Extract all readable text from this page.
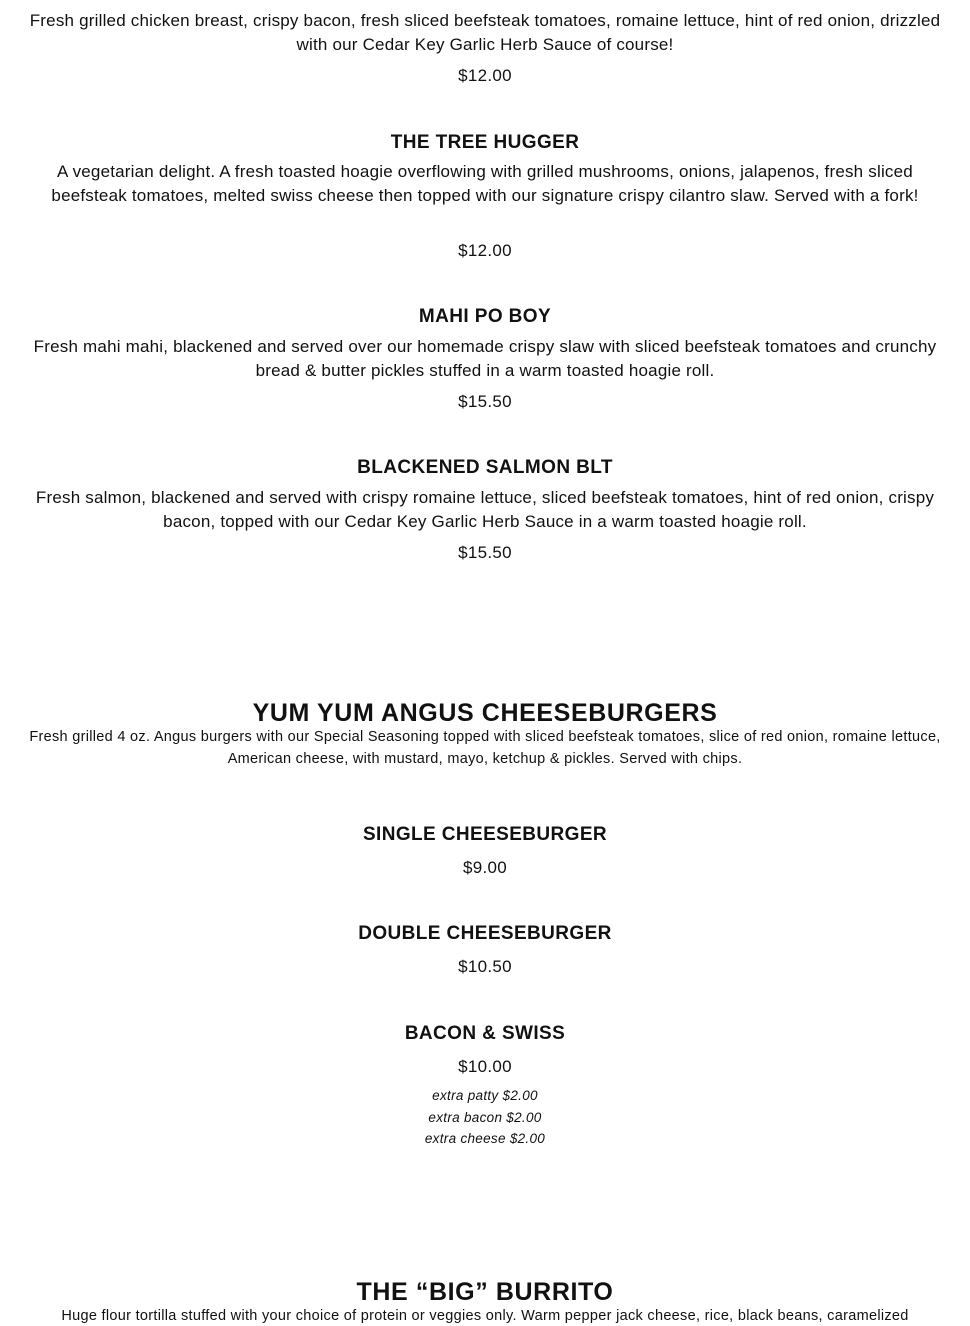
Fresh grilled chicken breast, crispy bacon, fresh sliced beefsteak tomatoes, romaine lettuce, hint of red onion, drizzled with our Cedar Key Garlic Herb Sauce of course!

$12.00

THE TREE HUGGER

A vegetarian delight. A fresh toasted hoagie overflowing with grilled mushrooms, onions, jalapenos, fresh sliced beefsteak tomatoes, melted swiss cheese then topped with our signature crispy cilantro slaw. Served with a fork!

$12.00

MAHI PO BOY

Fresh mahi mahi, blackened and served over our homemade crispy slaw with sliced beefsteak tomatoes and crunchy bread & butter pickles stuffed in a warm toasted hoagie roll.

$15.50

BLACKENED SALMON BLT

Fresh salmon, blackened and served with crispy romaine lettuce, sliced beefsteak tomatoes, hint of red onion, crispy bacon, topped with our Cedar Key Garlic Herb Sauce in a warm toasted hoagie roll.

$15.50

YUM YUM ANGUS CHEESEBURGERS

Fresh grilled 4 oz. Angus burgers with our Special Seasoning topped with sliced beefsteak tomatoes, slice of red onion, romaine lettuce, American cheese, with mustard, mayo, ketchup & pickles. Served with chips.

SINGLE CHEESEBURGER

$9.00

DOUBLE CHEESEBURGER

$10.50

BACON & SWISS

$10.00

extra patty $2.00

extra bacon $2.00

extra cheese $2.00

THE “BIG” BURRITO

Huge flour tortilla stuffed with your choice of protein or veggies only. Warm pepper jack cheese, rice, black beans, caramelized
